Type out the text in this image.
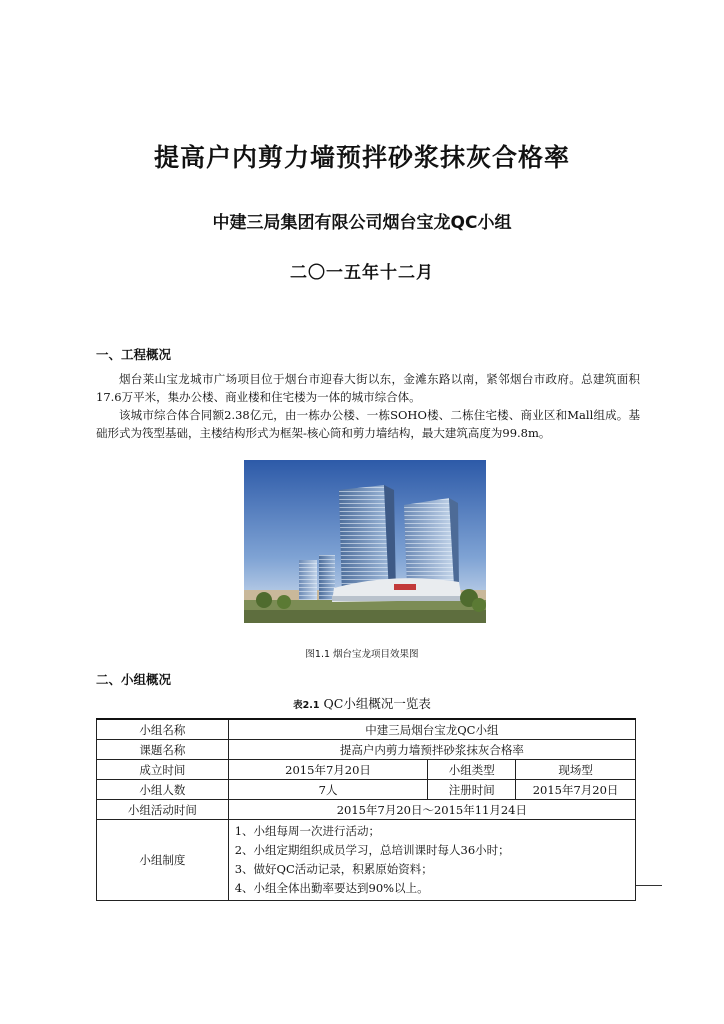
提高户内剪力墙预拌砂浆抹灰合格率
中建三局集团有限公司烟台宝龙QC小组
二〇一五年十二月
一、工程概况

烟台莱山宝龙城市广场项目位于烟台市迎春大街以东，金滩东路以南，紧邻烟台市政府。总建筑面积17.6万平米，集办公楼、商业楼和住宅楼为一体的城市综合体。

该城市综合体合同额2.38亿元，由一栋办公楼、一栋SOHO楼、二栋住宅楼、商业区和Mall组成。基础形式为筏型基础，主楼结构形式为框架-核心筒和剪力墙结构，最大建筑高度为99.8m。

图1.1 烟台宝龙项目效果图
二、小组概况
表2.1 QC小组概况一览表
小组名称	中建三局烟台宝龙QC小组		
课题名称	提高户内剪力墙预拌砂浆抹灰合格率		
成立时间	2015年7月20日	小组类型	现场型
小组人数	7人	注册时间	2015年7月20日
小组活动时间	2015年7月20日～2015年11月24日		
小组制度	1、小组每周一次进行活动；
2、小组定期组织成员学习，总培训课时每人36小时；
3、做好QC活动记录，积累原始资料；
4、小组全体出勤率要达到90%以上。		
